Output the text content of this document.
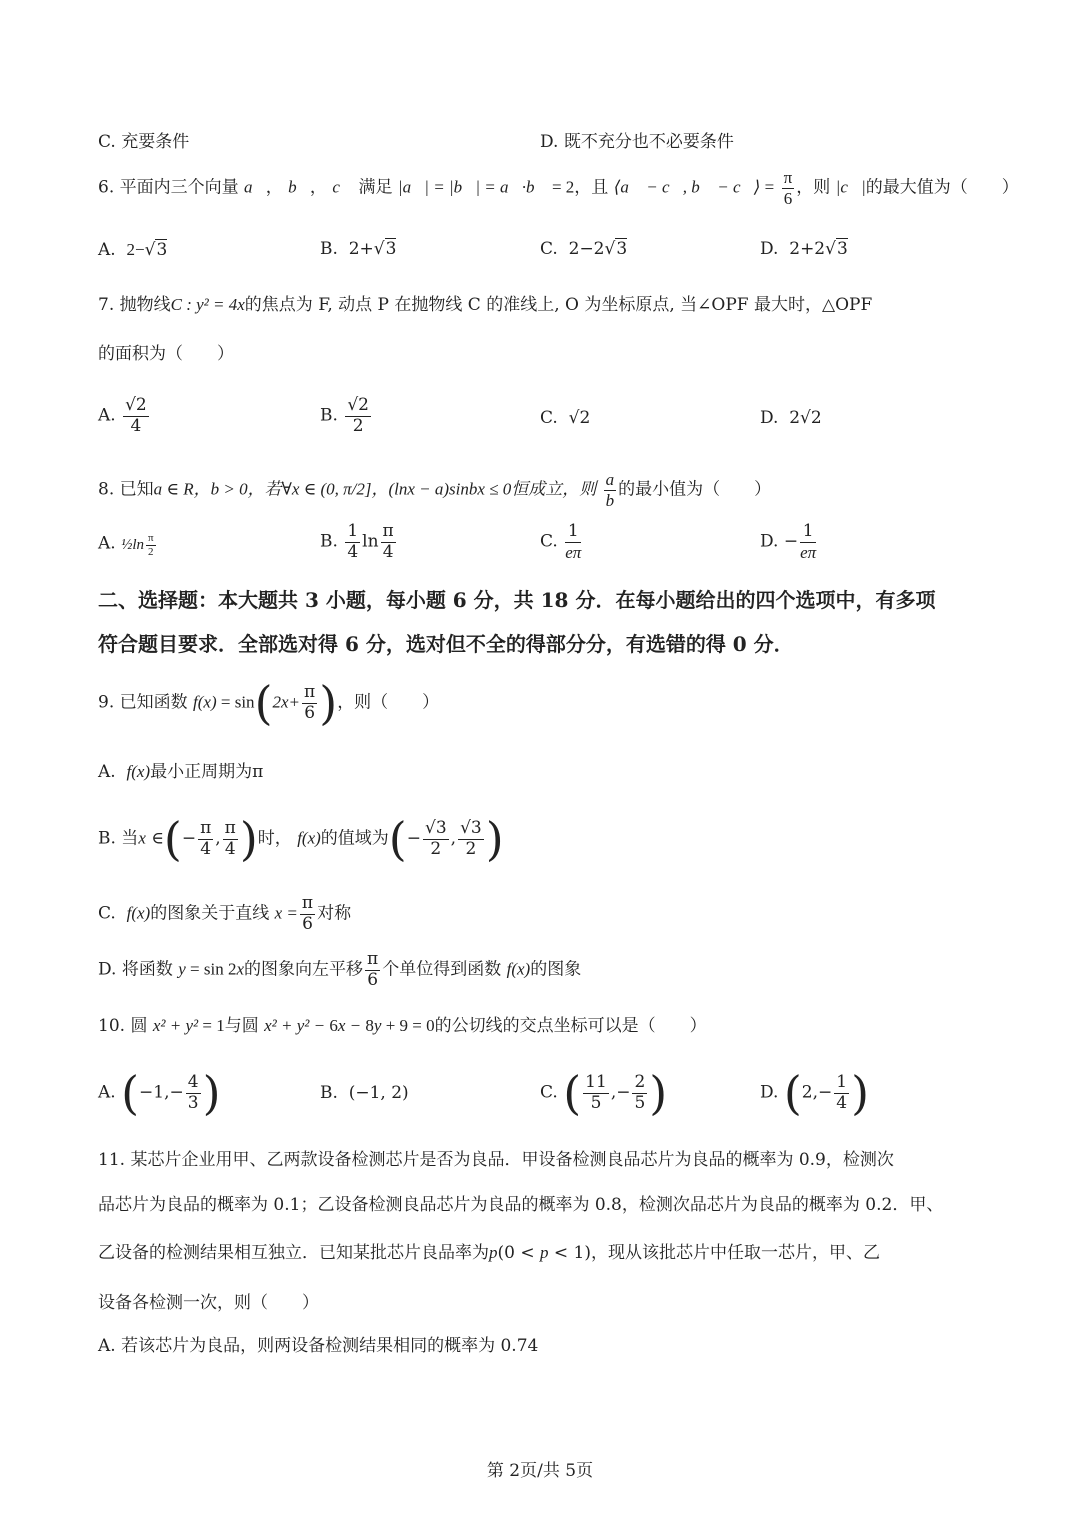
C. 充要条件	D. 既不充分也不必要条件
6. 平面内三个向量 a⃗， b⃗， c⃗ 满足 |a⃗| = |b⃗| = a⃗·b⃗ = 2，且 ⟨a⃗ − c⃗, b⃗ − c⃗⟩ = $\frac{\pi}{6}$ ，则 |c⃗|的最大值为（　　）
A. 2−√3	B. 2+√3	C. 2−2√3	D. 2+2√3
7. 抛物线C : y² = 4x的焦点为 F, 动点 P 在抛物线 C 的准线上, O 为坐标原点, 当∠OPF 最大时，△OPF
的面积为（　　）
A. $\frac{√2}{4}$	B. $\frac{√2}{2}$	C.  √2	D.  2√2
8. 已知a ∈ R，b > 0，若∀x ∈ (0, π/2]，(lnx − a)sinbx ≤ 0恒成立，则 $\frac{a}{b}$ 的最小值为（　　）
A. ½ln $\frac{\pi}{2}$	B. $\frac{1}{4}$ $\ln \frac{\pi}{4}$	C. $\frac{1}{e\pi}$	D. − $\frac{1}{e\pi}$
二、选择题：本大题共 3 小题，每小题 6 分，共 18 分．在每小题给出的四个选项中，有多项
符合题目要求．全部选对得 6 分，选对但不全的得部分分，有选错的得 0 分．
9. 已知函数 $f(x) = \sin(2x+ \frac{\pi}{6}$ )，则（　　）
A. f(x)最小正周期为π
B. 当x ∈(− $\frac{\pi}{4}$ , $\frac{\pi}{4}$ )时， f(x)的值域为(− $\frac{√3}{2}$ , $\frac{√3}{2}$ )
C. f(x)的图象关于直线 $x = \frac{\pi}{6}$ 对称
D. 将函数 y = sin 2x的图象向左平移 $\frac{\pi}{6}$ 个单位得到函数 f(x)的图象
10. 圆 x² + y² = 1与圆 x² + y² − 6x − 8y + 9 = 0的公切线的交点坐标可以是（　　）
A. ($-1,- \frac{4}{3}$ )	B.  (−1, 2)	C. ( $\frac{11}{5}$ ,− $\frac{2}{5}$ )	D. ($2,- \frac{1}{4}$ )
11. 某芯片企业用甲、乙两款设备检测芯片是否为良品．甲设备检测良品芯片为良品的概率为 0.9，检测次
品芯片为良品的概率为 0.1；乙设备检测良品芯片为良品的概率为 0.8，检测次品芯片为良品的概率为 0.2．甲、
乙设备的检测结果相互独立．已知某批芯片良品率为p(0 < p < 1)，现从该批芯片中任取一芯片，甲、乙
设备各检测一次，则（　　）
A. 若该芯片为良品，则两设备检测结果相同的概率为 0.74
第 2页/共 5页
